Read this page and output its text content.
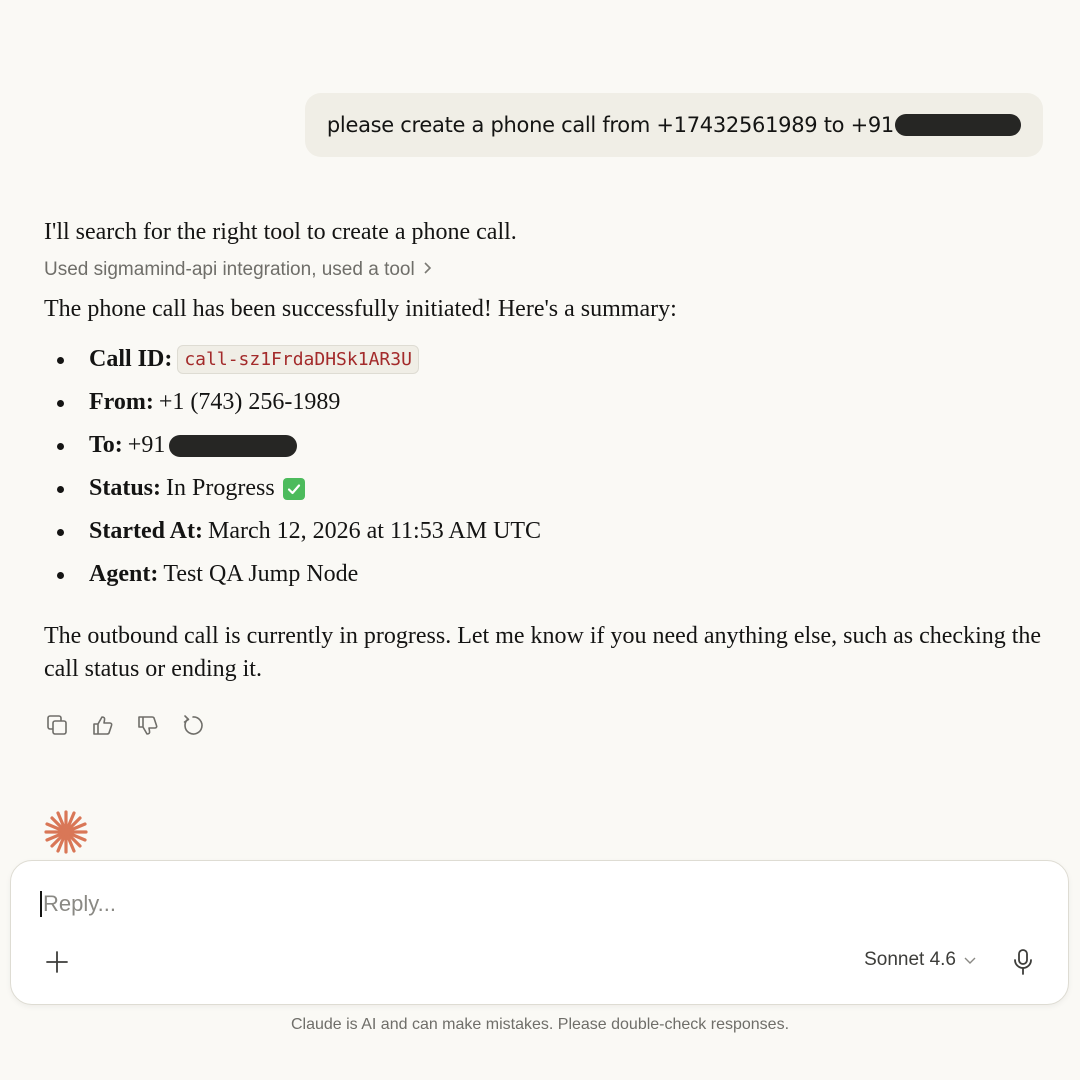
please create a phone call from +17432561989 to +91

I'll search for the right tool to create a phone call.

Used sigmamind-api integration, used a tool

The phone call has been successfully initiated! Here's a summary:

Call ID: call-sz1FrdaDHSk1AR3U
From: +1 (743) 256-1989
To: +91
Status: In Progress
Started At: March 12, 2026 at 11:53 AM UTC
Agent: Test QA Jump Node

The outbound call is currently in progress. Let me know if you need anything else, such as checking the call status or ending it.

Reply...
Sonnet 4.6
Claude is AI and can make mistakes. Please double-check responses.
